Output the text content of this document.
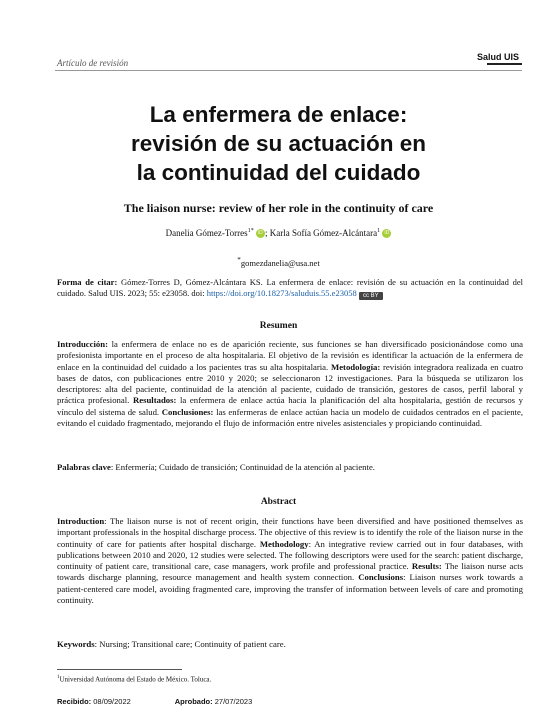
Artículo de revisión
Salud UIS
La enfermera de enlace:
revisión de su actuación en
la continuidad del cuidado
The liaison nurse: review of her role in the continuity of care
Danelia Gómez-Torres$^{1*}$ iD ; Karla Sofía Gómez-Alcántara$^1$ iD
*gomezdanelia@usa.net
Forma de citar: Gómez-Torres D, Gómez-Alcántara KS. La enfermera de enlace: revisión de su actuación en la continuidad del cuidado. Salud UIS. 2023; 55: e23058. doi: https://doi.org/10.18273/saluduis.55.e23058 cc BY
Resumen
Introducción: la enfermera de enlace no es de aparición reciente, sus funciones se han diversificado posicionándose como una profesionista importante en el proceso de alta hospitalaria. El objetivo de la revisión es identificar la actuación de la enfermera de enlace en la continuidad del cuidado a los pacientes tras su alta hospitalaria. Metodología: revisión integradora realizada en cuatro bases de datos, con publicaciones entre 2010 y 2020; se seleccionaron 12 investigaciones. Para la búsqueda se utilizaron los descriptores: alta del paciente, continuidad de la atención al paciente, cuidado de transición, gestores de casos, perfil laboral y práctica profesional. Resultados: la enfermera de enlace actúa hacia la planificación del alta hospitalaria, gestión de recursos y vínculo del sistema de salud. Conclusiones: las enfermeras de enlace actúan hacia un modelo de cuidados centrados en el paciente, evitando el cuidado fragmentado, mejorando el flujo de información entre niveles asistenciales y propiciando continuidad.
Palabras clave: Enfermería; Cuidado de transición; Continuidad de la atención al paciente.
Abstract
Introduction: The liaison nurse is not of recent origin, their functions have been diversified and have positioned themselves as important professionals in the hospital discharge process. The objective of this review is to identify the role of the liaison nurse in the continuity of care for patients after hospital discharge. Methodology: An integrative review carried out in four databases, with publications between 2010 and 2020, 12 studies were selected. The following descriptors were used for the search: patient discharge, continuity of patient care, transitional care, case managers, work profile and professional practice. Results: The liaison nurse acts towards discharge planning, resource management and health system connection. Conclusions: Liaison nurses work towards a patient-centered care model, avoiding fragmented care, improving the transfer of information between levels of care and promoting continuity.
Keywords: Nursing; Transitional care; Continuity of patient care.
$^1$Universidad Autónoma del Estado de México. Toluca.
Recibido: 08/09/2022	Aprobado: 27/07/2023
